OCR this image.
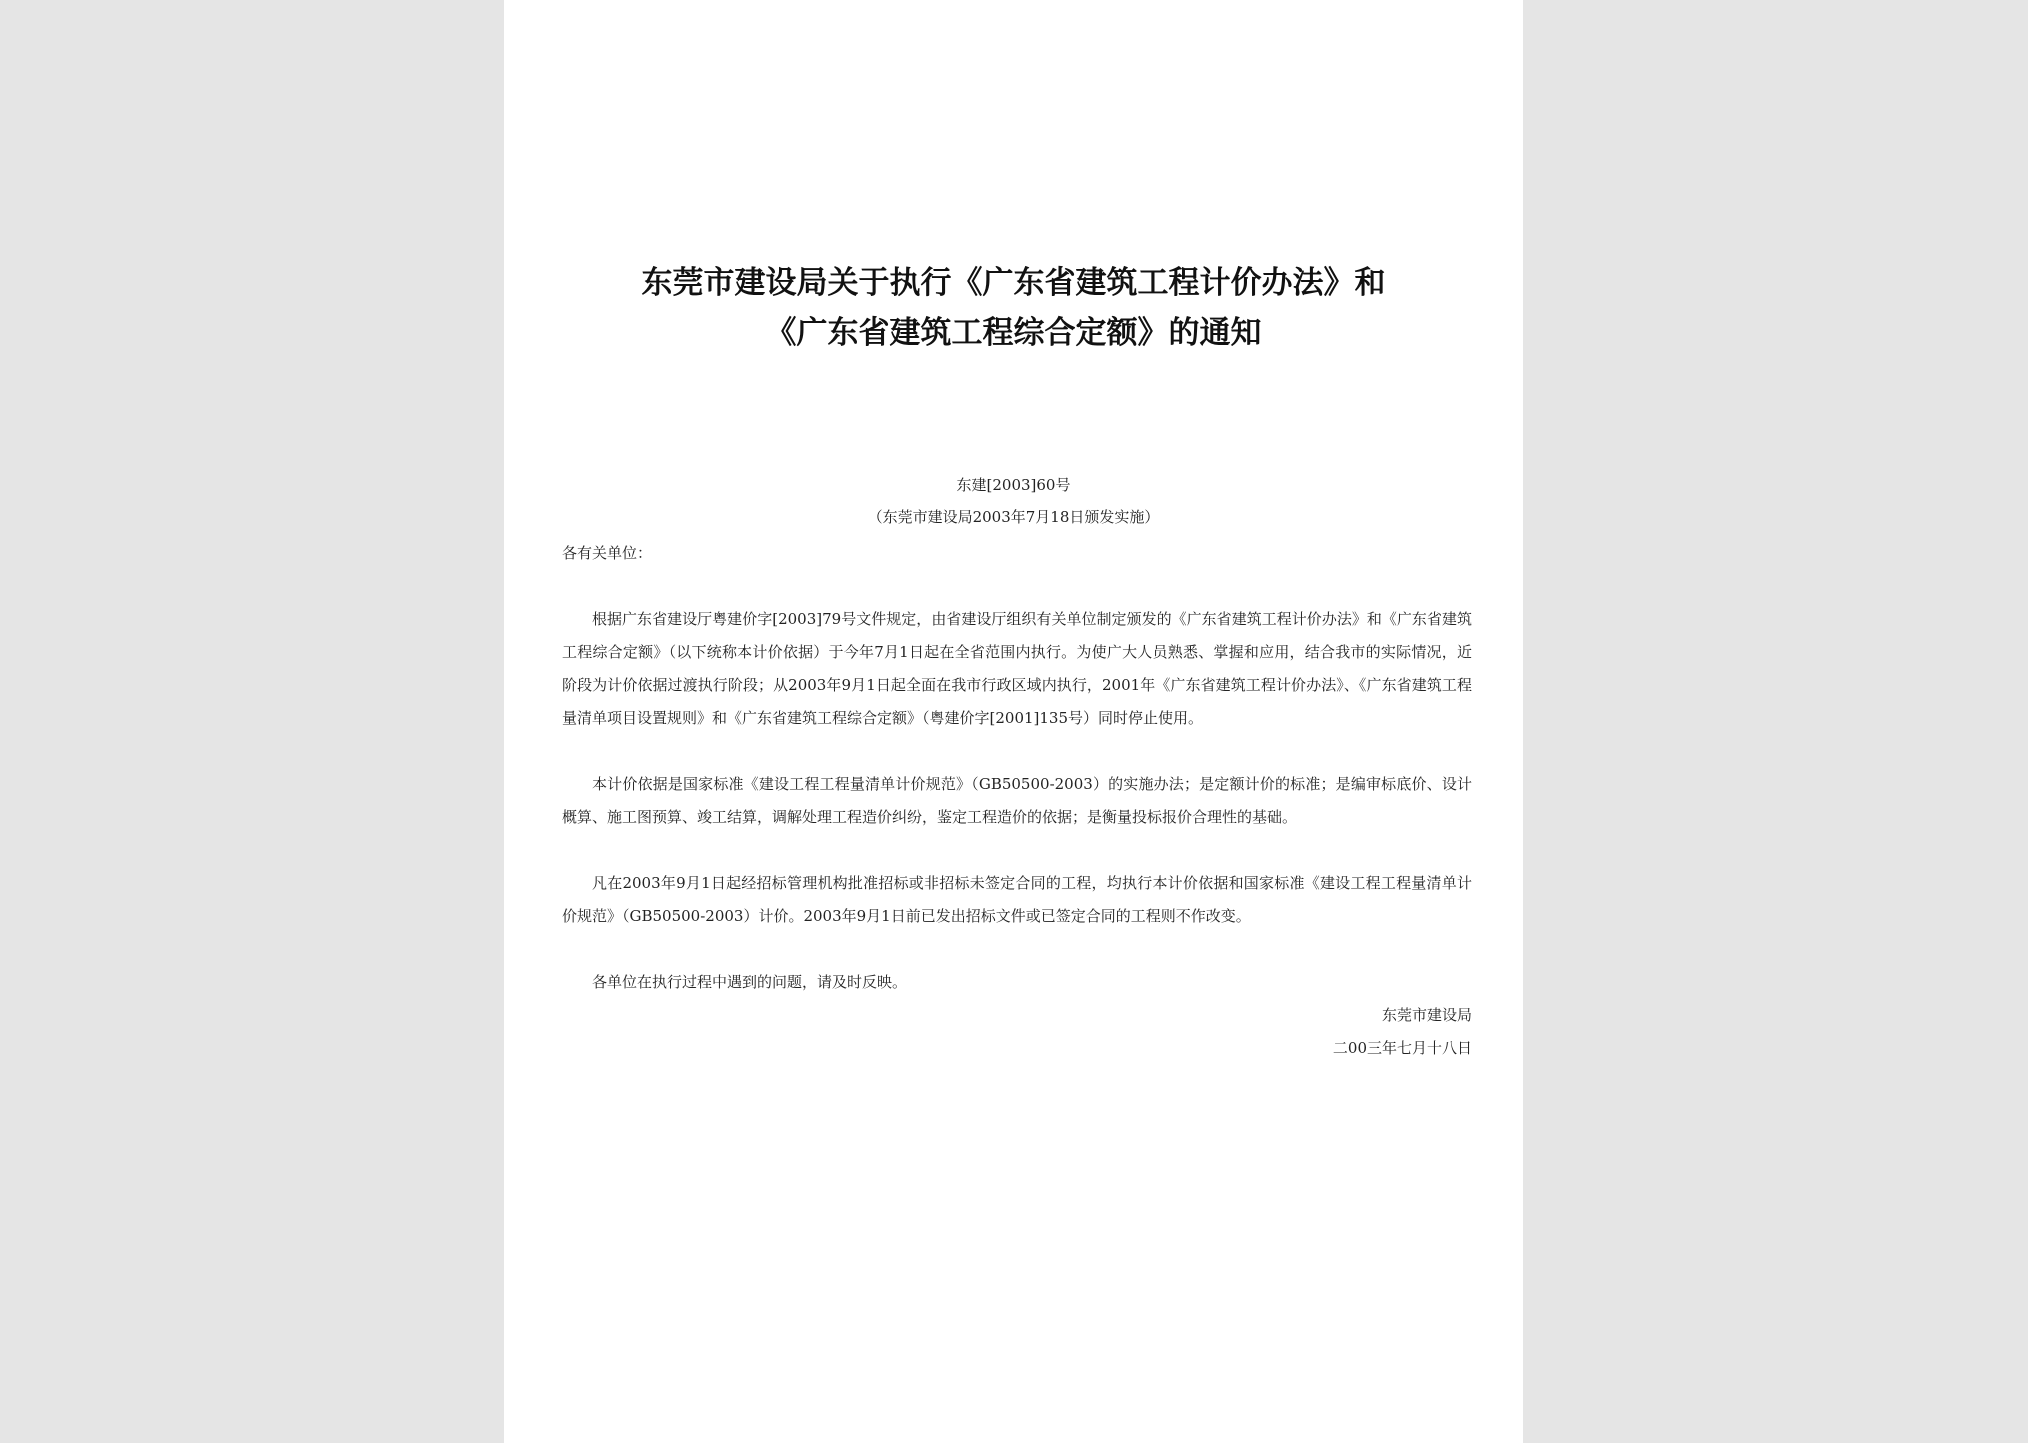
东莞市建设局关于执行《广东省建筑工程计价办法》和
《广东省建筑工程综合定额》的通知
东建[2003]60号
（东莞市建设局2003年7月18日颁发实施）

各有关单位：

根据广东省建设厅粤建价字[2003]79号文件规定，由省建设厅组织有关单位制定颁发的《广东省建筑工程计价办法》和《广东省建筑工程综合定额》（以下统称本计价依据）于今年7月1日起在全省范围内执行。为使广大人员熟悉、掌握和应用，结合我市的实际情况，近阶段为计价依据过渡执行阶段；从2003年9月1日起全面在我市行政区域内执行，2001年《广东省建筑工程计价办法》、《广东省建筑工程量清单项目设置规则》和《广东省建筑工程综合定额》（粤建价字[2001]135号）同时停止使用。

本计价依据是国家标准《建设工程工程量清单计价规范》（GB50500-2003）的实施办法；是定额计价的标准；是编审标底价、设计概算、施工图预算、竣工结算，调解处理工程造价纠纷，鉴定工程造价的依据；是衡量投标报价合理性的基础。

凡在2003年9月1日起经招标管理机构批准招标或非招标未签定合同的工程，均执行本计价依据和国家标准《建设工程工程量清单计价规范》（GB50500-2003）计价。2003年9月1日前已发出招标文件或已签定合同的工程则不作改变。

各单位在执行过程中遇到的问题，请及时反映。

东莞市建设局

二00三年七月十八日
